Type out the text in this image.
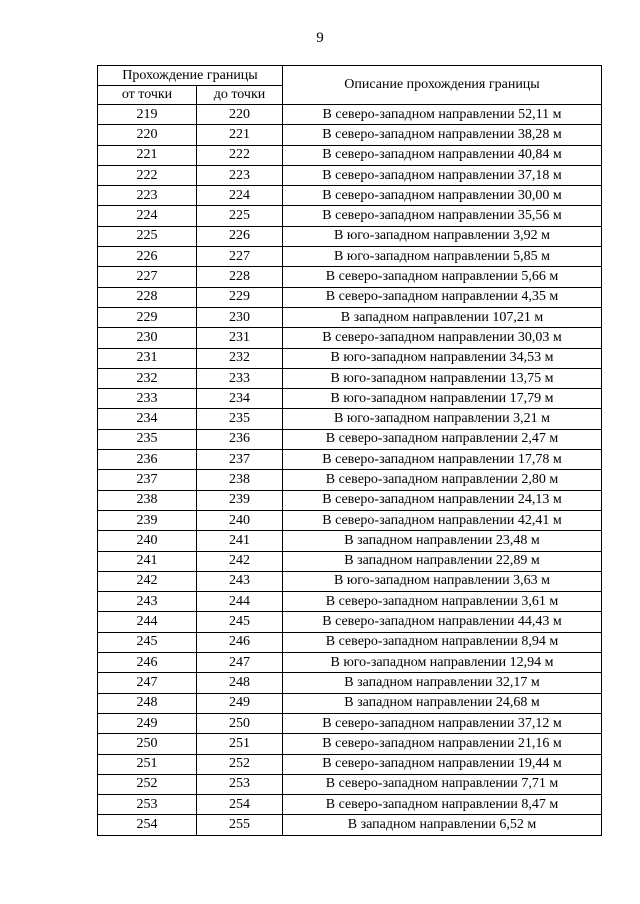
9
Прохождение границы		Описание прохождения границы
от точки	до точки	
219	220	В северо-западном направлении 52,11 м
220	221	В северо-западном направлении 38,28 м
221	222	В северо-западном направлении 40,84 м
222	223	В северо-западном направлении 37,18 м
223	224	В северо-западном направлении 30,00 м
224	225	В северо-западном направлении 35,56 м
225	226	В юго-западном направлении 3,92 м
226	227	В юго-западном направлении 5,85 м
227	228	В северо-западном направлении 5,66 м
228	229	В северо-западном направлении 4,35 м
229	230	В западном направлении 107,21 м
230	231	В северо-западном направлении 30,03 м
231	232	В юго-западном направлении 34,53 м
232	233	В юго-западном направлении 13,75 м
233	234	В юго-западном направлении 17,79 м
234	235	В юго-западном направлении 3,21 м
235	236	В северо-западном направлении 2,47 м
236	237	В северо-западном направлении 17,78 м
237	238	В северо-западном направлении 2,80 м
238	239	В северо-западном направлении 24,13 м
239	240	В северо-западном направлении 42,41 м
240	241	В западном направлении 23,48 м
241	242	В западном направлении 22,89 м
242	243	В юго-западном направлении 3,63 м
243	244	В северо-западном направлении 3,61 м
244	245	В северо-западном направлении 44,43 м
245	246	В северо-западном направлении 8,94 м
246	247	В юго-западном направлении 12,94 м
247	248	В западном направлении 32,17 м
248	249	В западном направлении 24,68 м
249	250	В северо-западном направлении 37,12 м
250	251	В северо-западном направлении 21,16 м
251	252	В северо-западном направлении 19,44 м
252	253	В северо-западном направлении 7,71 м
253	254	В северо-западном направлении 8,47 м
254	255	В западном направлении 6,52 м
